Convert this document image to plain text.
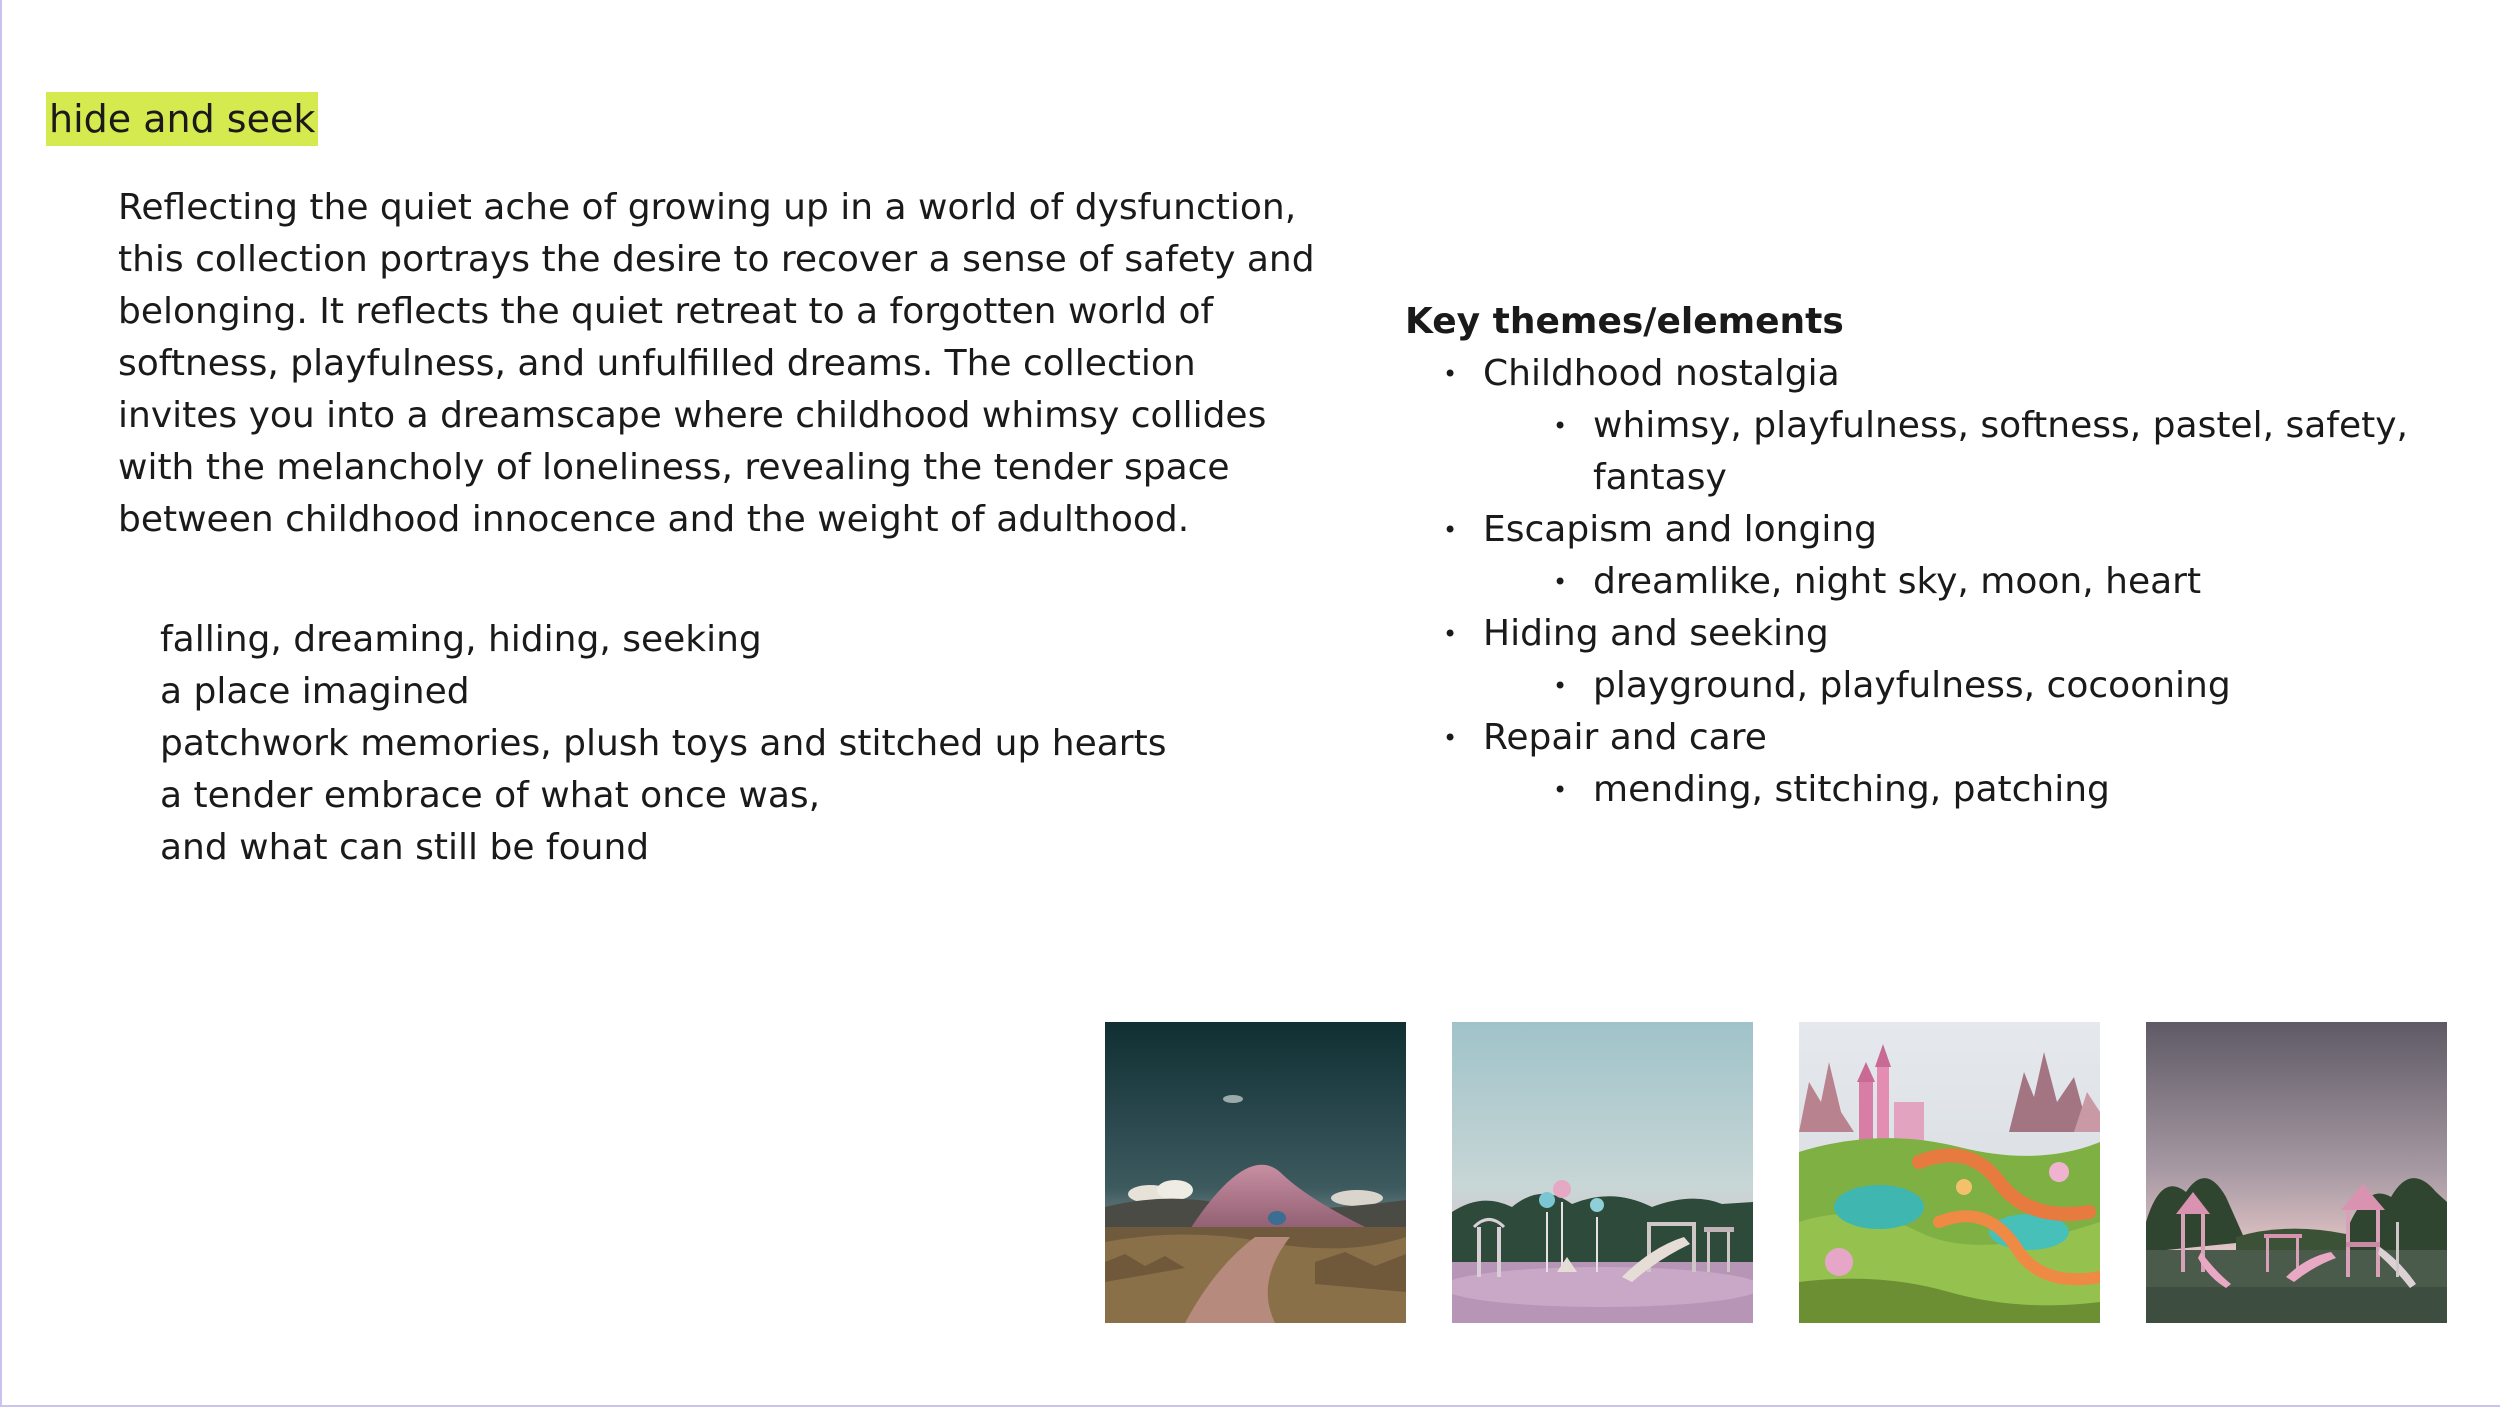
hide and seek

Reflecting the quiet ache of growing up in a world of dysfunction, this collection portrays the desire to recover a sense of safety and belonging. It reflects the quiet retreat to a forgotten world of softness, playfulness, and unfulfilled dreams. The collection invites you into a dreamscape where childhood whimsy collides with the melancholy of loneliness, revealing the tender space between childhood innocence and the weight of adulthood.

falling, dreaming, hiding, seeking
a place imagined
patchwork memories, plush toys and stitched up hearts
a tender embrace of what once was,
and what can still be found

Key themes/elements

• Childhood nostalgia
• whimsy, playfulness, softness, pastel, safety, fantasy
• Escapism and longing
• dreamlike, night sky, moon, heart
• Hiding and seeking
• playground, playfulness, cocooning
• Repair and care
• mending, stitching, patching
